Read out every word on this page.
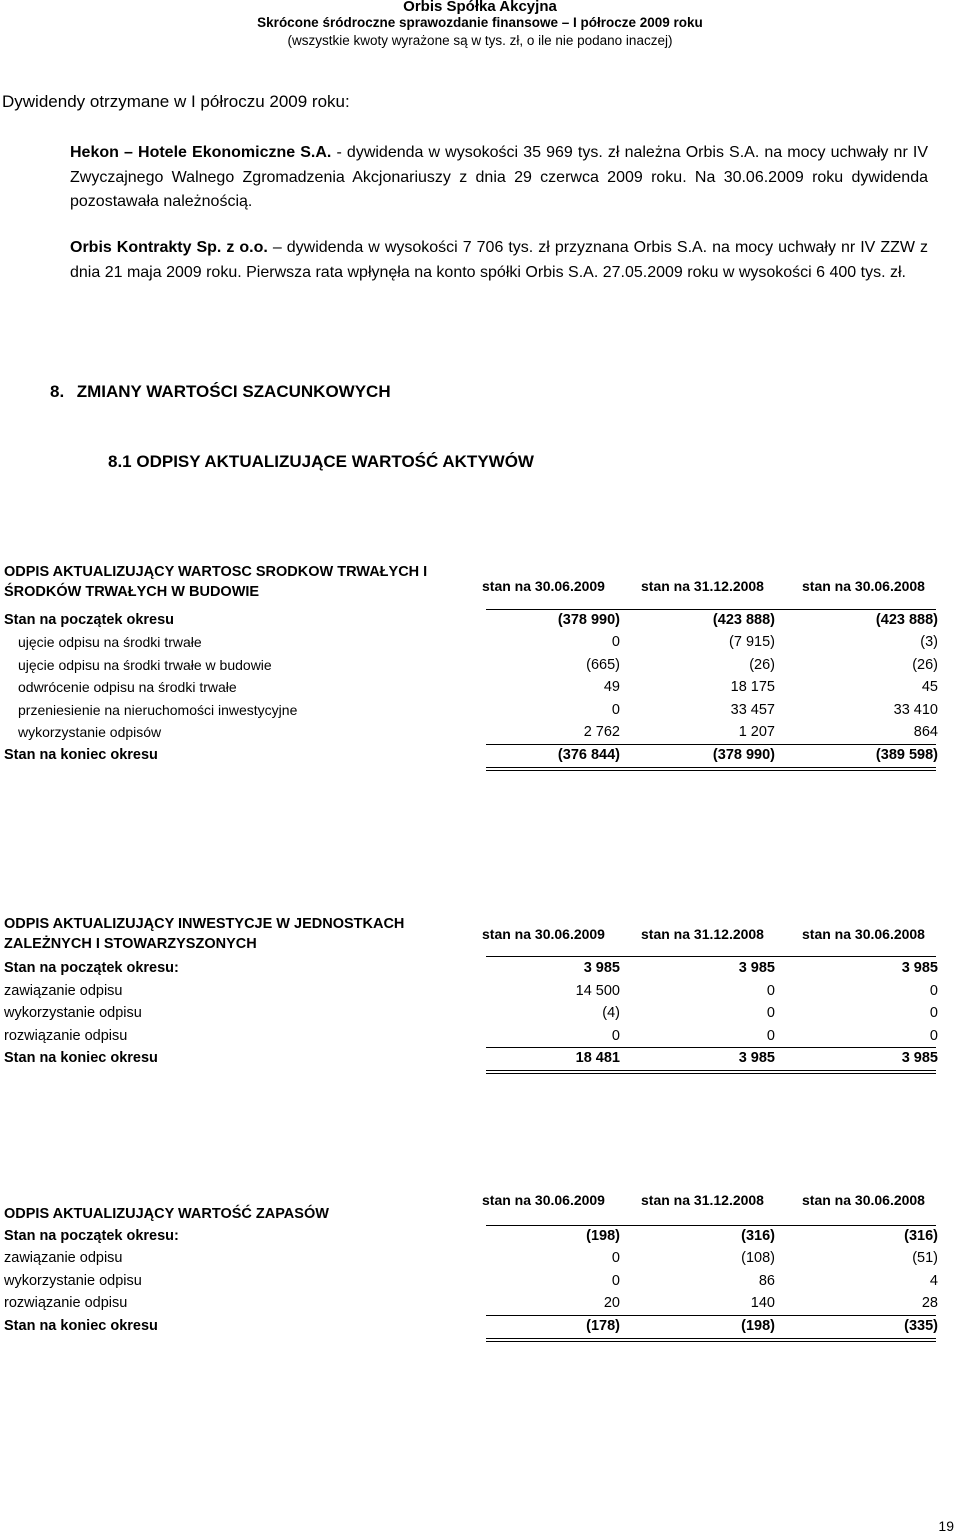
Orbis Spółka Akcyjna
Skrócone śródroczne sprawozdanie finansowe – I półrocze 2009 roku
(wszystkie kwoty wyrażone są w tys. zł, o ile nie podano inaczej)
Dywidendy otrzymane w I półroczu 2009 roku:
Hekon – Hotele Ekonomiczne S.A. - dywidenda w wysokości 35 969 tys. zł należna Orbis S.A. na mocy uchwały nr IV Zwyczajnego Walnego Zgromadzenia Akcjonariuszy z dnia 29 czerwca 2009 roku. Na 30.06.2009 roku dywidenda pozostawała należnością.
Orbis Kontrakty Sp. z o.o. – dywidenda w wysokości 7 706 tys. zł przyznana Orbis S.A. na mocy uchwały nr IV ZZW z dnia 21 maja 2009 roku. Pierwsza rata wpłynęła na konto spółki Orbis S.A. 27.05.2009 roku w wysokości 6 400 tys. zł.
8. ZMIANY WARTOŚCI SZACUNKOWYCH
8.1 ODPISY AKTUALIZUJĄCE WARTOŚĆ AKTYWÓW
ODPIS AKTUALIZUJĄCY WARTOSC SRODKOW TRWAŁYCH I ŚRODKÓW TRWAŁYCH W BUDOWIE	stan na 30.06.2009	stan na 31.12.2008	stan na 30.06.2008
Stan na początek okresu	(378 990)	(423 888)	(423 888)
ujęcie odpisu na środki trwałe	0	(7 915)	(3)
ujęcie odpisu na środki trwałe w budowie	(665)	(26)	(26)
odwrócenie odpisu na środki trwałe	49	18 175	45
przeniesienie na nieruchomości inwestycyjne	0	33 457	33 410
wykorzystanie odpisów	2 762	1 207	864
Stan na koniec okresu	(376 844)	(378 990)	(389 598)
ODPIS AKTUALIZUJĄCY INWESTYCJE W JEDNOSTKACH ZALEŻNYCH I STOWARZYSZONYCH
stan na 30.06.2009	stan na 31.12.2008	stan na 30.06.2008
Stan na początek okresu:	3 985	3 985	3 985
zawiązanie odpisu	14 500	0	0
wykorzystanie odpisu	(4)	0	0
rozwiązanie odpisu	0	0	0
Stan na koniec okresu	18 481	3 985	3 985
ODPIS AKTUALIZUJĄCY WARTOŚĆ ZAPASÓW
stan na 30.06.2009	stan na 31.12.2008	stan na 30.06.2008
Stan na początek okresu:	(198)	(316)	(316)
zawiązanie odpisu	0	(108)	(51)
wykorzystanie odpisu	0	86	4
rozwiązanie odpisu	20	140	28
Stan na koniec okresu	(178)	(198)	(335)
19
